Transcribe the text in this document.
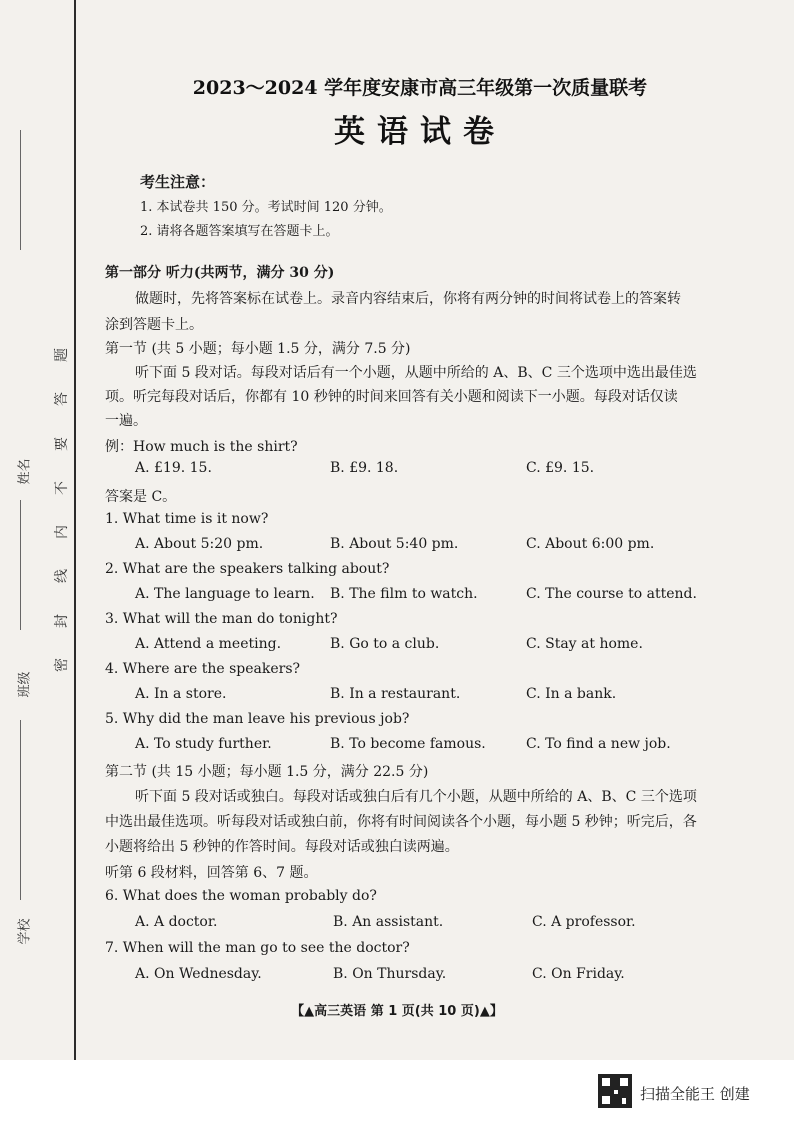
姓名
班级
学校
题
答
要
不
内
线
封
密
2023～2024 学年度安康市高三年级第一次质量联考
英语试卷
考生注意：
1. 本试卷共 150 分。考试时间 120 分钟。
2. 请将各题答案填写在答题卡上。
第一部分 听力(共两节，满分 30 分)
做题时，先将答案标在试卷上。录音内容结束后，你将有两分钟的时间将试卷上的答案转
涂到答题卡上。
第一节 (共 5 小题；每小题 1.5 分，满分 7.5 分)
听下面 5 段对话。每段对话后有一个小题，从题中所给的 A、B、C 三个选项中选出最佳选
项。听完每段对话后，你都有 10 秒钟的时间来回答有关小题和阅读下一小题。每段对话仅读
一遍。
例：How much is the shirt?
A. £19. 15.	B. £9. 18.	C. £9. 15.
答案是 C。
1. What time is it now?
A. About 5:20 pm.	B. About 5:40 pm.	C. About 6:00 pm.
2. What are the speakers talking about?
A. The language to learn. B. The film to watch.	C. The course to attend.
3. What will the man do tonight?
A. Attend a meeting.	B. Go to a club.	C. Stay at home.
4. Where are the speakers?
A. In a store.	B. In a restaurant.	C. In a bank.
5. Why did the man leave his previous job?
A. To study further.	B. To become famous.	C. To find a new job.
第二节 (共 15 小题；每小题 1.5 分，满分 22.5 分)
听下面 5 段对话或独白。每段对话或独白后有几个小题，从题中所给的 A、B、C 三个选项
中选出最佳选项。听每段对话或独白前，你将有时间阅读各个小题，每小题 5 秒钟；听完后，各
小题将给出 5 秒钟的作答时间。每段对话或独白读两遍。
听第 6 段材料，回答第 6、7 题。
6. What does the woman probably do?
A. A doctor.	B. An assistant.	C. A professor.
7. When will the man go to see the doctor?
A. On Wednesday.	B. On Thursday.	C. On Friday.
【▲高三英语 第 1 页(共 10 页)▲】
扫描全能王 创建
